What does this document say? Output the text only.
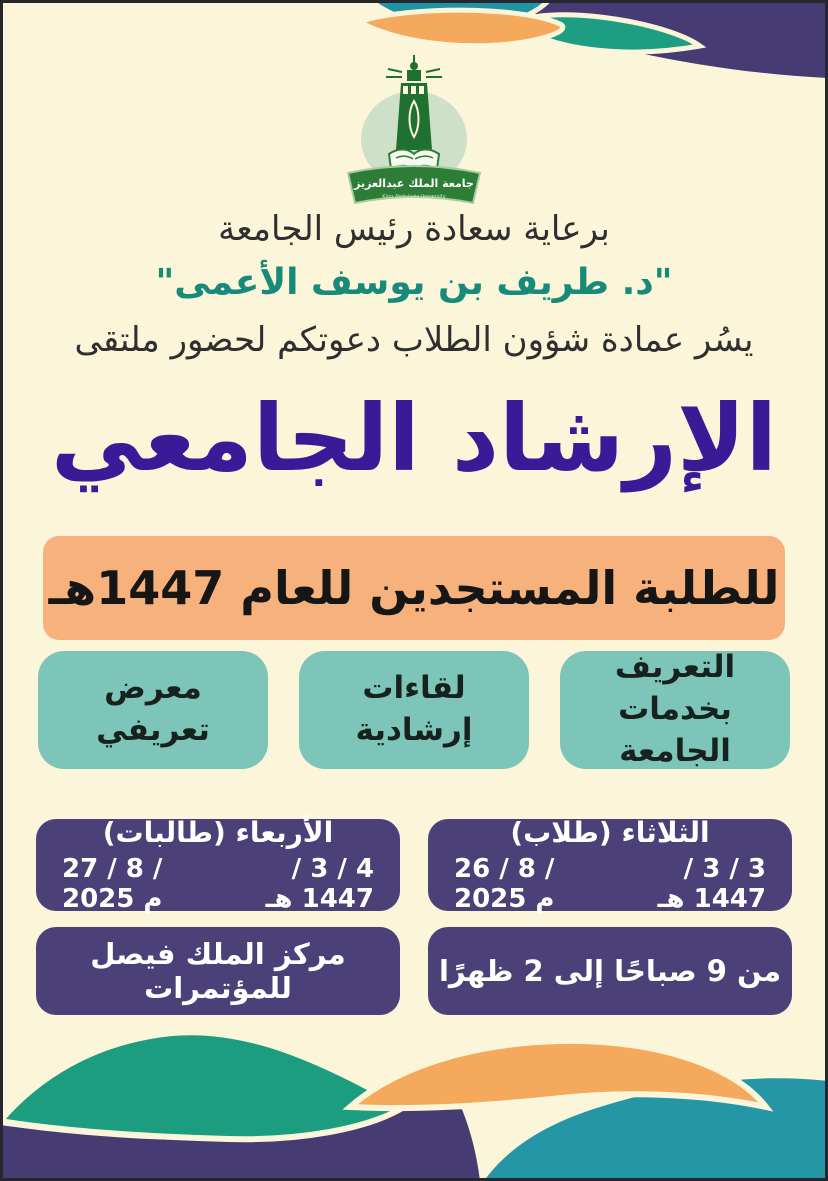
جامعة الملك عبدالعزيز
King Abdulaziz University
برعاية سعادة رئيس الجامعة
"د. طريف بن يوسف الأعمى"
يسُر عمادة شؤون الطلاب دعوتكم لحضور ملتقى
الإرشاد الجامعي
للطلبة المستجدين للعام 1447هـ
التعريف بخدمات الجامعة
لقاءات إرشادية
معرض تعريفي
الثلاثاء (طلاب)
3 / 3 / 1447 هـ
26 / 8 / 2025 م
الأربعاء (طالبات)
4 / 3 / 1447 هـ
27 / 8 / 2025 م
من 9 صباحًا إلى 2 ظهرًا
مركز الملك فيصل للمؤتمرات
